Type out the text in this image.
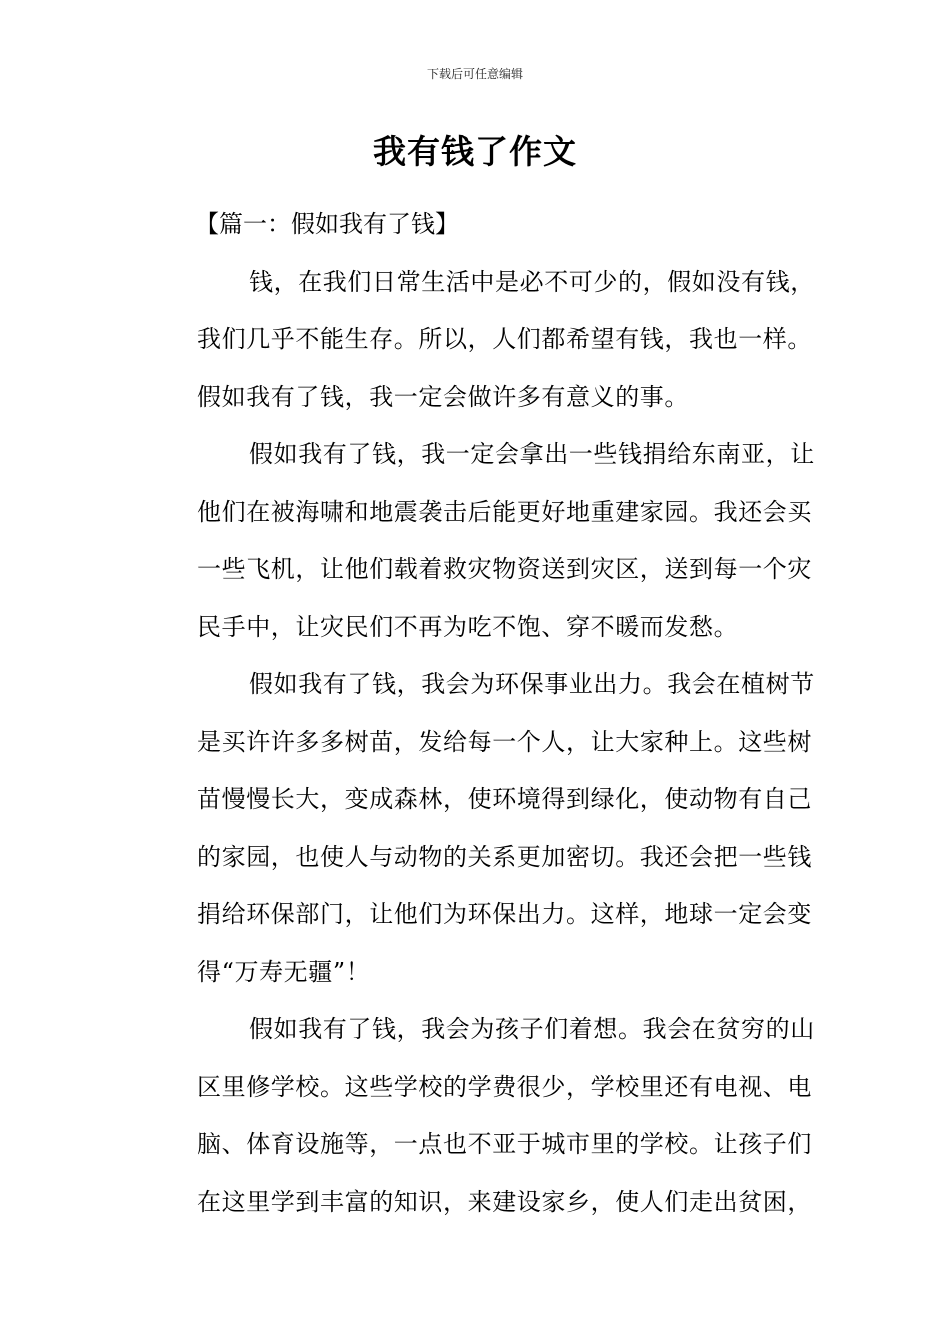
下载后可任意编辑
我有钱了作文
【篇一：假如我有了钱】
钱，在我们日常生活中是必不可少的，假如没有钱，
我们几乎不能生存。所以，人们都希望有钱，我也一样。
假如我有了钱，我一定会做许多有意义的事。
假如我有了钱，我一定会拿出一些钱捐给东南亚，让
他们在被海啸和地震袭击后能更好地重建家园。我还会买
一些飞机，让他们载着救灾物资送到灾区，送到每一个灾
民手中，让灾民们不再为吃不饱、穿不暖而发愁。
假如我有了钱，我会为环保事业出力。我会在植树节
是买许许多多树苗，发给每一个人，让大家种上。这些树
苗慢慢长大，变成森林，使环境得到绿化，使动物有自己
的家园，也使人与动物的关系更加密切。我还会把一些钱
捐给环保部门，让他们为环保出力。这样，地球一定会变
得“万寿无疆”！
假如我有了钱，我会为孩子们着想。我会在贫穷的山
区里修学校。这些学校的学费很少，学校里还有电视、电
脑、体育设施等，一点也不亚于城市里的学校。让孩子们
在这里学到丰富的知识，来建设家乡，使人们走出贫困，
